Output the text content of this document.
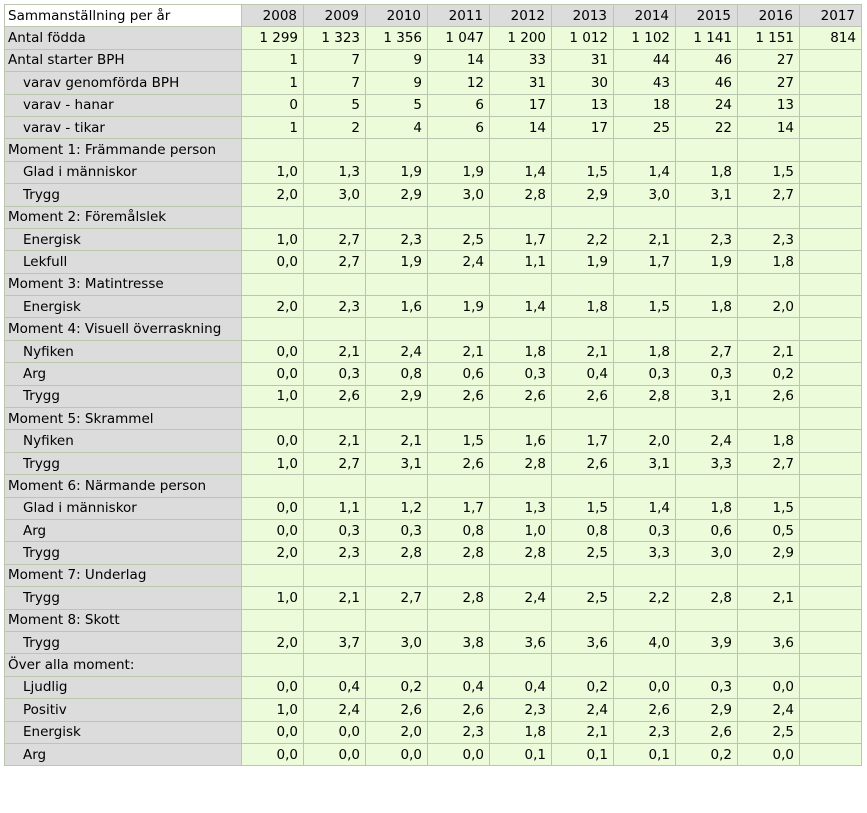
Sammanställning per år	2008	2009	2010	2011	2012	2013	2014	2015	2016	2017
Antal födda	1 299	1 323	1 356	1 047	1 200	1 012	1 102	1 141	1 151	814
Antal starter BPH	1	7	9	14	33	31	44	46	27	
varav genomförda BPH	1	7	9	12	31	30	43	46	27	
varav - hanar	0	5	5	6	17	13	18	24	13	
varav - tikar	1	2	4	6	14	17	25	22	14	
Moment 1: Främmande person										
Glad i människor	1,0	1,3	1,9	1,9	1,4	1,5	1,4	1,8	1,5	
Trygg	2,0	3,0	2,9	3,0	2,8	2,9	3,0	3,1	2,7	
Moment 2: Föremålslek										
Energisk	1,0	2,7	2,3	2,5	1,7	2,2	2,1	2,3	2,3	
Lekfull	0,0	2,7	1,9	2,4	1,1	1,9	1,7	1,9	1,8	
Moment 3: Matintresse										
Energisk	2,0	2,3	1,6	1,9	1,4	1,8	1,5	1,8	2,0	
Moment 4: Visuell överraskning										
Nyfiken	0,0	2,1	2,4	2,1	1,8	2,1	1,8	2,7	2,1	
Arg	0,0	0,3	0,8	0,6	0,3	0,4	0,3	0,3	0,2	
Trygg	1,0	2,6	2,9	2,6	2,6	2,6	2,8	3,1	2,6	
Moment 5: Skrammel										
Nyfiken	0,0	2,1	2,1	1,5	1,6	1,7	2,0	2,4	1,8	
Trygg	1,0	2,7	3,1	2,6	2,8	2,6	3,1	3,3	2,7	
Moment 6: Närmande person										
Glad i människor	0,0	1,1	1,2	1,7	1,3	1,5	1,4	1,8	1,5	
Arg	0,0	0,3	0,3	0,8	1,0	0,8	0,3	0,6	0,5	
Trygg	2,0	2,3	2,8	2,8	2,8	2,5	3,3	3,0	2,9	
Moment 7: Underlag										
Trygg	1,0	2,1	2,7	2,8	2,4	2,5	2,2	2,8	2,1	
Moment 8: Skott										
Trygg	2,0	3,7	3,0	3,8	3,6	3,6	4,0	3,9	3,6	
Över alla moment:										
Ljudlig	0,0	0,4	0,2	0,4	0,4	0,2	0,0	0,3	0,0	
Positiv	1,0	2,4	2,6	2,6	2,3	2,4	2,6	2,9	2,4	
Energisk	0,0	0,0	2,0	2,3	1,8	2,1	2,3	2,6	2,5	
Arg	0,0	0,0	0,0	0,0	0,1	0,1	0,1	0,2	0,0	
